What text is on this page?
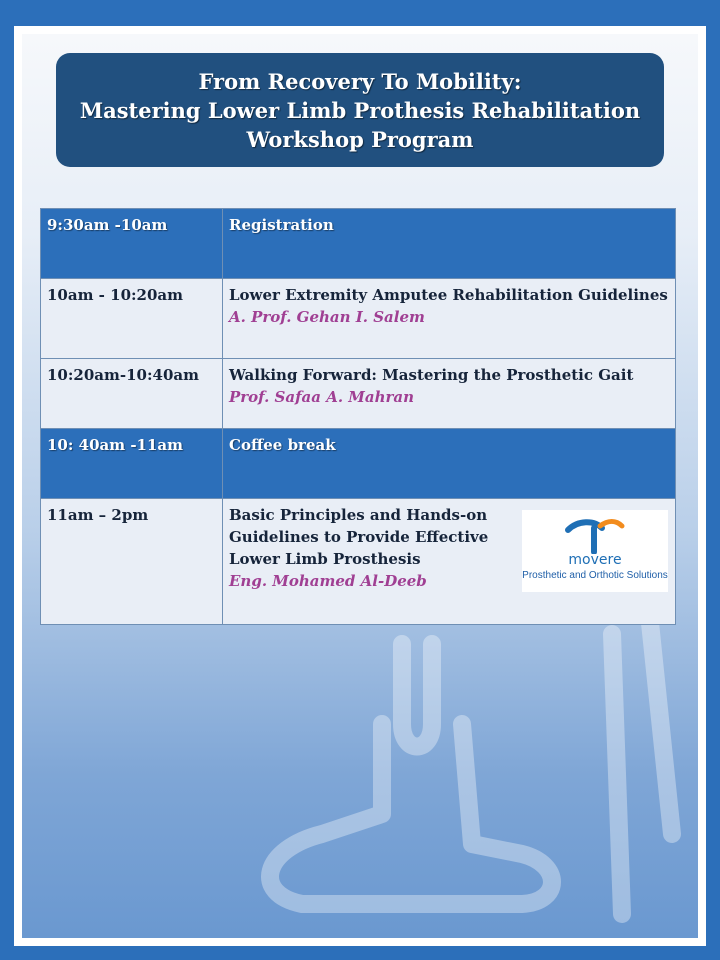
From Recovery To Mobility:
Mastering Lower Limb Prothesis Rehabilitation
Workshop Program
9:30am -10am	Registration
10am - 10:20am	Lower Extremity Amputee Rehabilitation Guidelines
A. Prof. Gehan I. Salem

10:20am-10:40am	Walking Forward: Mastering the Prosthetic Gait
Prof. Safaa A. Mahran

10: 40am -11am	Coffee break
11am – 2pm	Basic Principles and Hands-on
Guidelines to Provide Effective
Lower Limb Prosthesis
Eng. Mohamed Al-Deeb
movere
Prosthetic and Orthotic Solutions
